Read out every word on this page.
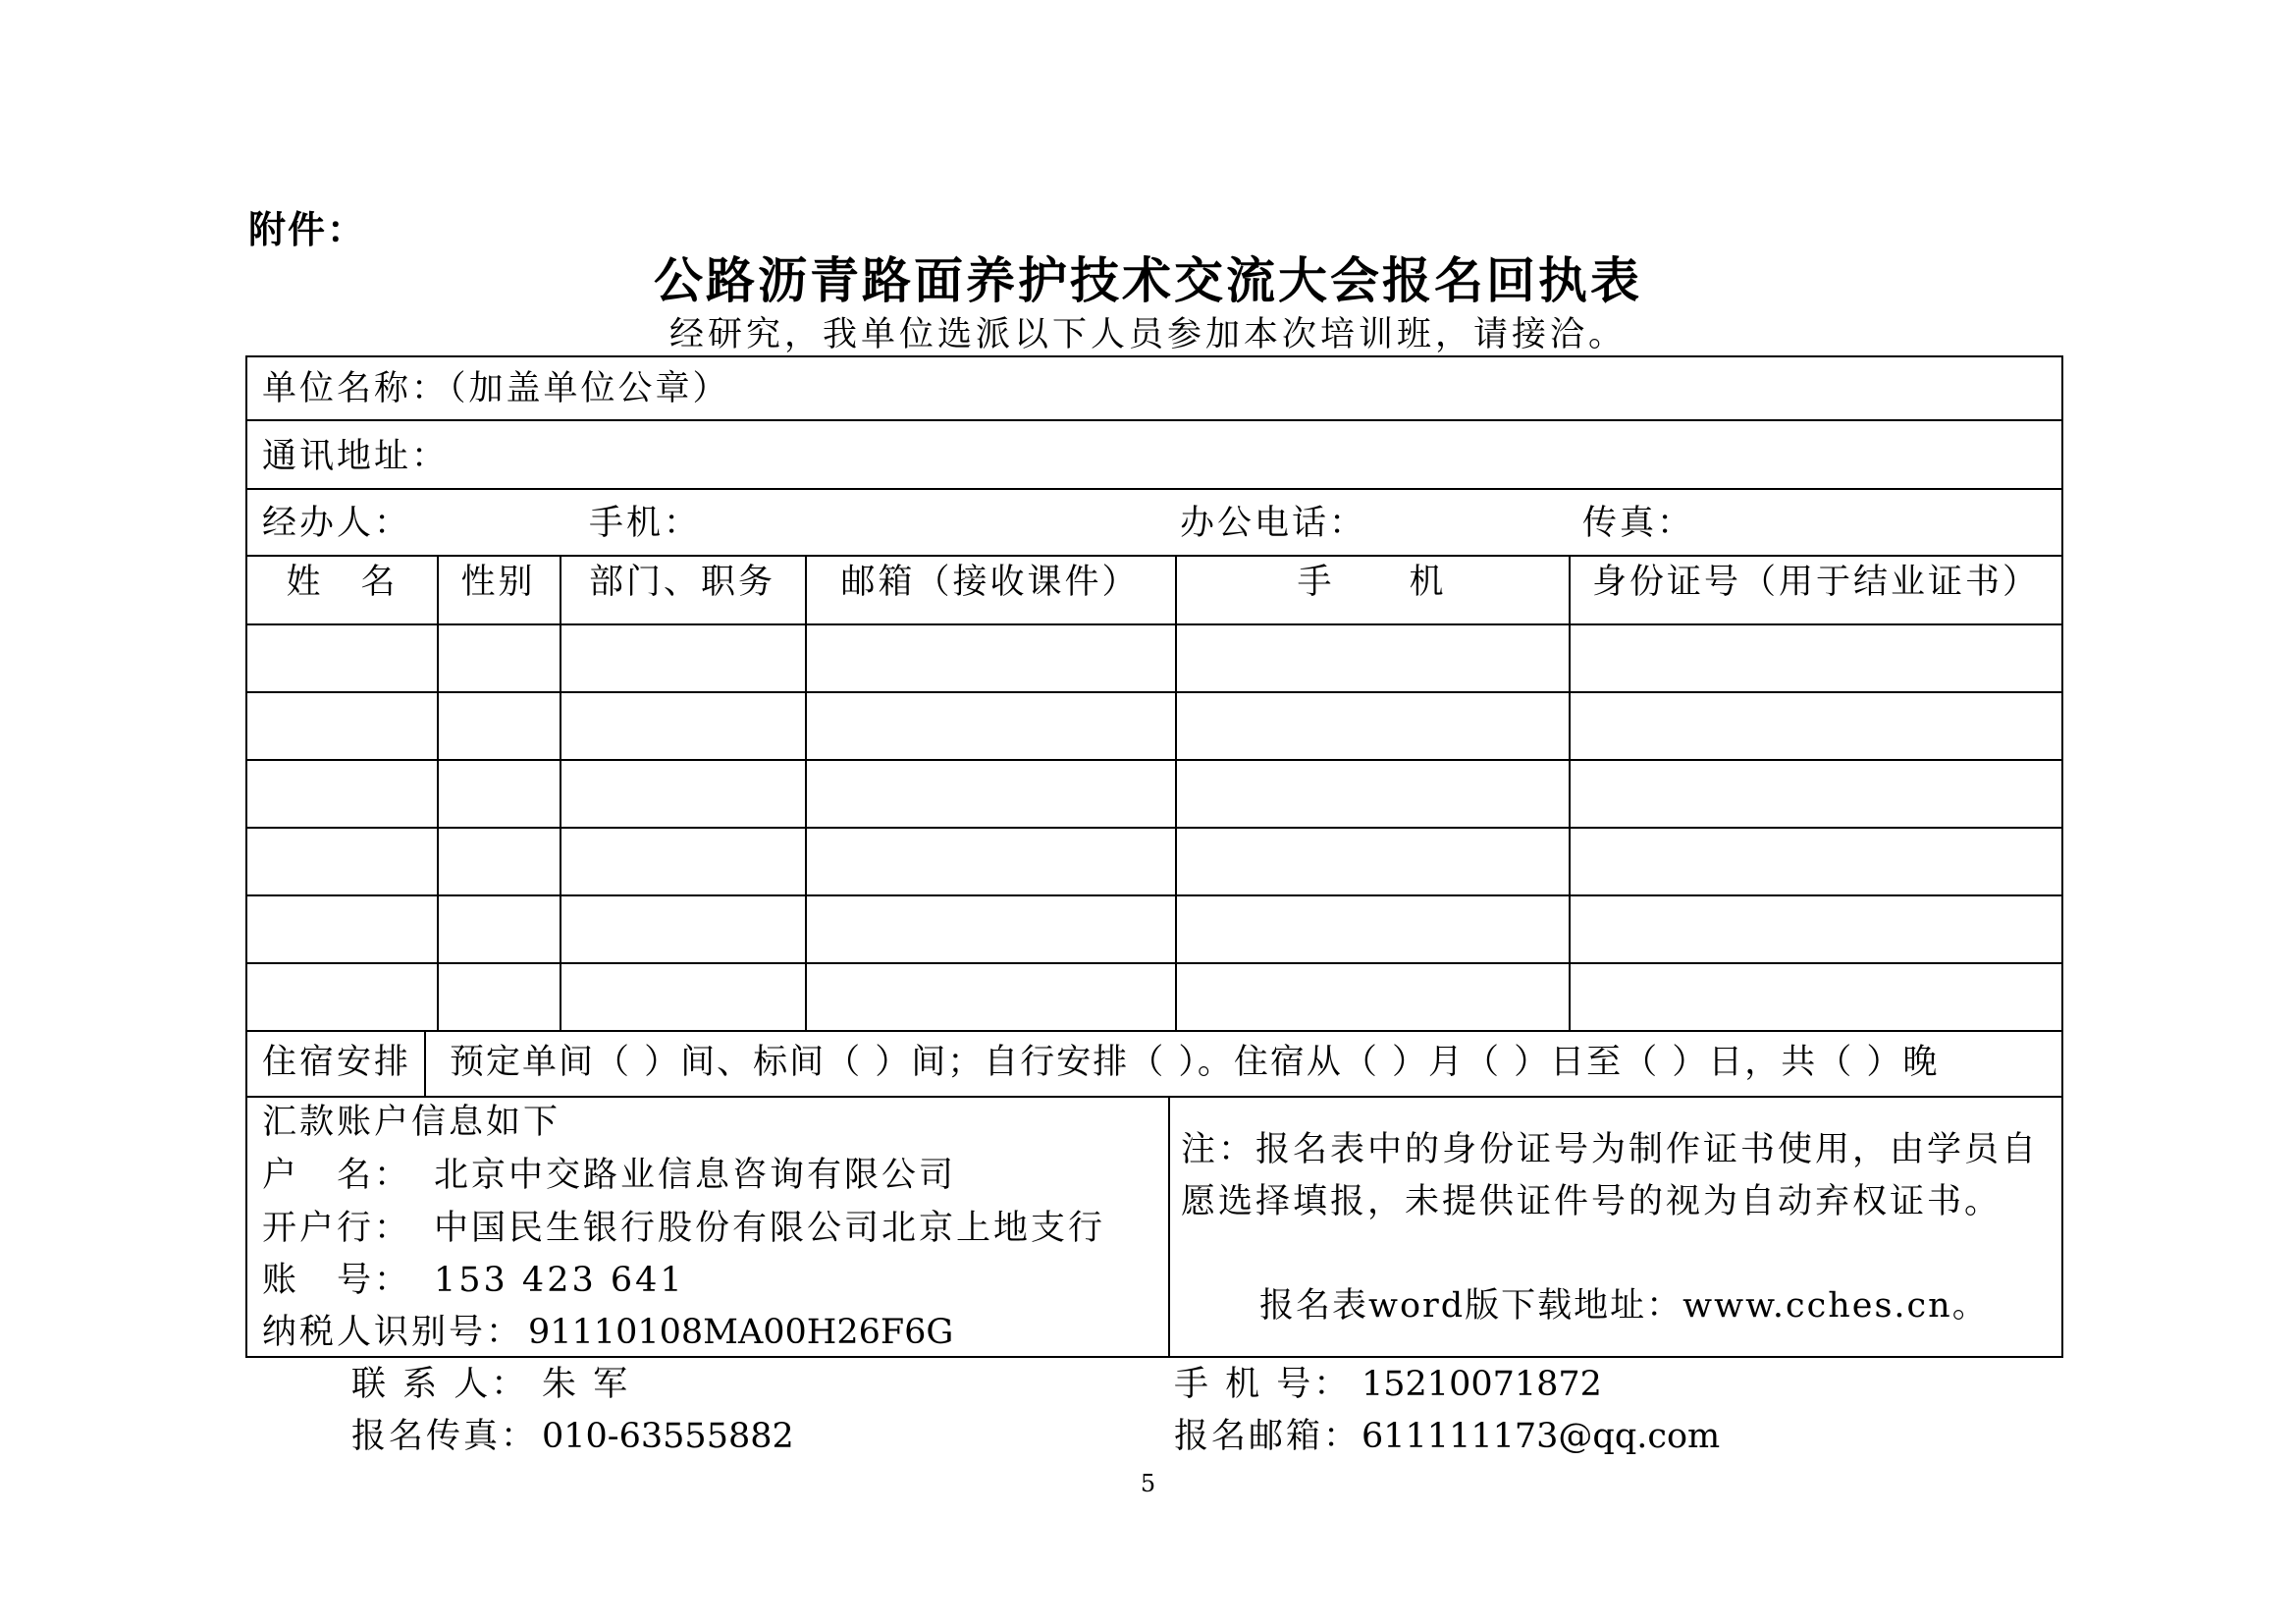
附件：
公路沥青路面养护技术交流大会报名回执表
经研究，我单位选派以下人员参加本次培训班，请接洽。
单位名称：（加盖单位公章）
通讯地址：
经办人：	手机：	办公电话：	传真：
姓　名	性别	部门、职务	邮箱（接收课件）	手　　机	身份证号（用于结业证书）
住宿安排 预定单间（ ）间、标间（ ）间；自行安排（ ）。住宿从（ ）月（ ）日至（ ）日，共（ ）晚
汇款账户信息如下
户　名： 北京中交路业信息咨询有限公司
开户行： 中国民生银行股份有限公司北京上地支行
账　号： 153 423 641
纳税人识别号： 91110108MA00H26F6G
注：报名表中的身份证号为制作证书使用，由学员自
愿选择填报，未提供证件号的视为自动弃权证书。
报名表word版下载地址：www.cches.cn。
联 系 人： 朱 军	手 机 号： 15210071872
报名传真： 010-63555882	报名邮箱： 611111173@qq.com
5
